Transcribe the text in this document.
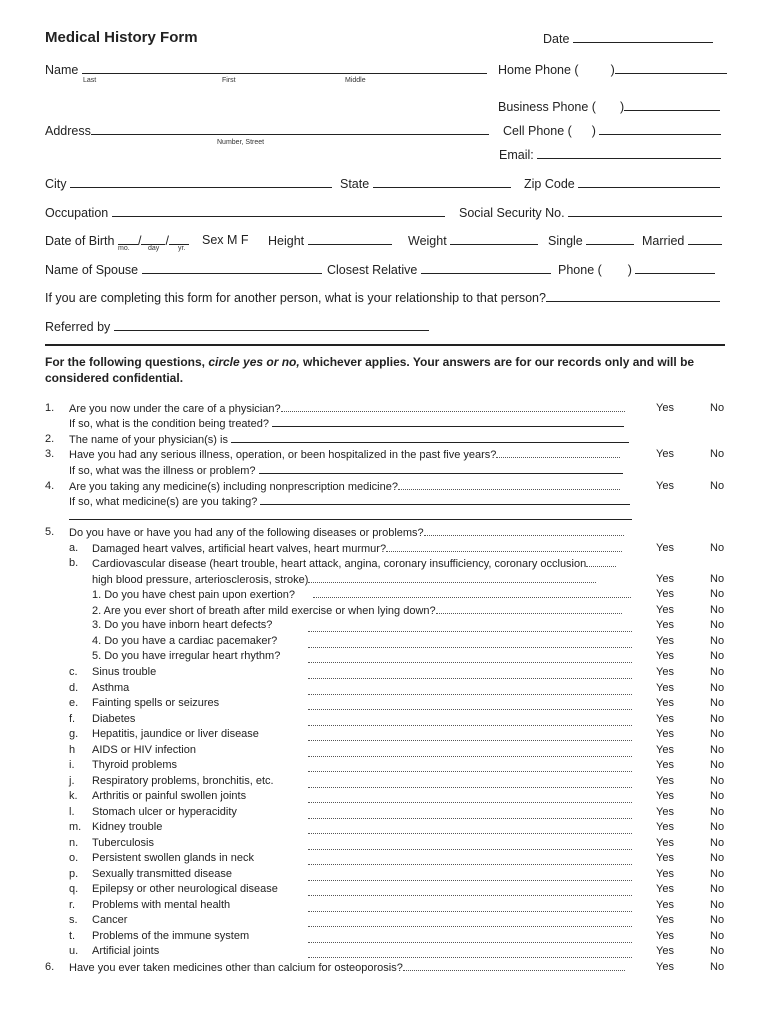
Medical History Form	Date
Name
Last	First	Middle
Home Phone (	)
Business Phone ( )
Address
Number, Street
Cell Phone ( )
Email:
City	State	Zip Code
Occupation	Social Security No.
Date of Birth / /
mo.	day	yr.
Sex M F Height	Weight	Single	Married
Name of Spouse	Closest Relative	Phone ( )
If you are completing this form for another person, what is your relationship to that person?
Referred by
For the following questions, circle yes or no, whichever applies. Your answers are for our records only and will be
considered confidential.
1. Are you now under the care of a physician?	Yes	No
If so, what is the condition being treated?
2. The name of your physician(s) is
3. Have you had any serious illness, operation, or been hospitalized in the past five years?	Yes	No
If so, what was the illness or problem?
4. Are you taking any medicine(s) including nonprescription medicine?	Yes	No
If so, what medicine(s) are you taking?
5. Do you have or have you had any of the following diseases or problems?
a. Damaged heart valves, artificial heart valves, heart murmur?	Yes	No
b. Cardiovascular disease (heart trouble, heart attack, angina, coronary insufficiency, coronary occlusion
high blood pressure, arteriosclerosis, stroke)	Yes	No
1. Do you have chest pain upon exertion?	Yes	No
2. Are you ever short of breath after mild exercise or when lying down?	Yes	No
3. Do you have inborn heart defects?	Yes	No
4. Do you have a cardiac pacemaker?	Yes	No
5. Do you have irregular heart rhythm?	Yes	No
c. Sinus trouble	Yes	No
d. Asthma	Yes	No
e. Fainting spells or seizures	Yes	No
f. Diabetes	Yes	No
g. Hepatitis, jaundice or liver disease	Yes	No
h AIDS or HIV infection	Yes	No
i. Thyroid problems	Yes	No
j. Respiratory problems, bronchitis, etc.	Yes	No
k. Arthritis or painful swollen joints	Yes	No
l. Stomach ulcer or hyperacidity	Yes	No
m. Kidney trouble	Yes	No
n. Tuberculosis	Yes	No
o. Persistent swollen glands in neck	Yes	No
p. Sexually transmitted disease	Yes	No
q. Epilepsy or other neurological disease	Yes	No
r. Problems with mental health	Yes	No
s. Cancer	Yes	No
t. Problems of the immune system	Yes	No
u. Artificial joints	Yes	No
6. Have you ever taken medicines other than calcium for osteoporosis?	Yes	No
